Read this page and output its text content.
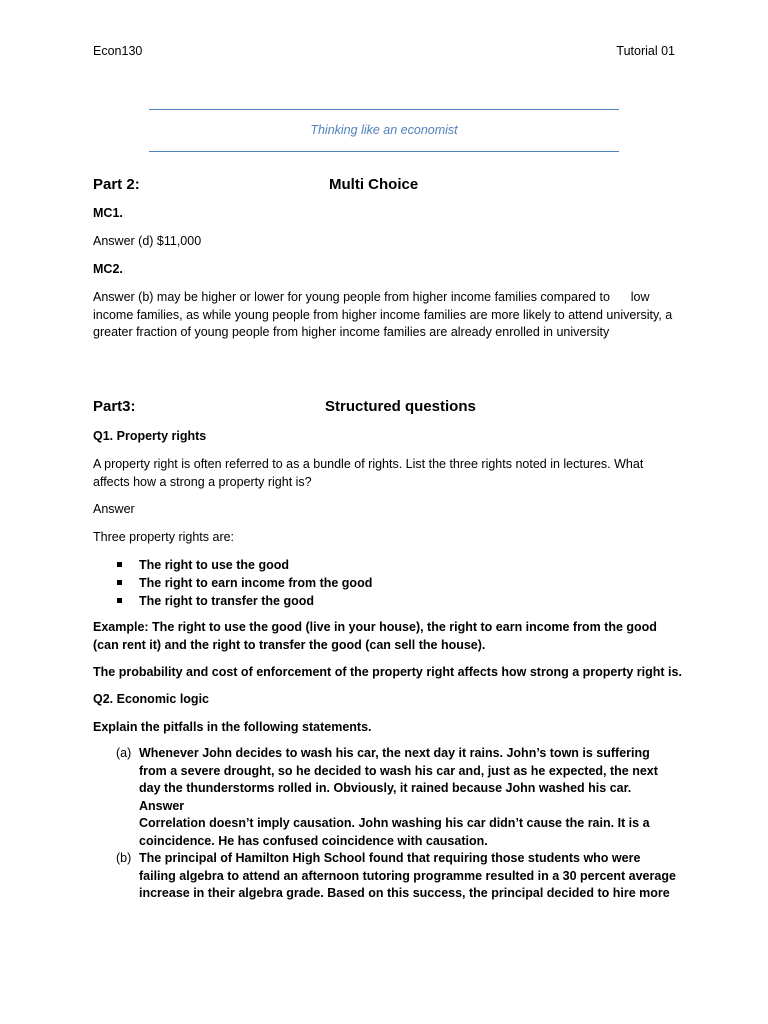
Econ130	Tutorial 01
Thinking like an economist
Part 2:	Multi Choice
MC1.
Answer (d) $11,000
MC2.
Answer (b) may be higher or lower for young people from higher income families compared to      low income families, as while young people from higher income families are more likely to attend university, a greater fraction of young people from higher income families are already enrolled in university
Part3:	Structured questions
Q1. Property rights
A property right is often referred to as a bundle of rights. List the three rights noted in lectures. What affects how a strong a property right is?
Answer
Three property rights are:
The right to use the good
The right to earn income from the good
The right to transfer the good
Example: The right to use the good (live in your house), the right to earn income from the good (can rent it) and the right to transfer the good (can sell the house).
The probability and cost of enforcement of the property right affects how strong a property right is.
Q2. Economic logic
Explain the pitfalls in the following statements.
(a) Whenever John decides to wash his car, the next day it rains. John’s town is suffering from a severe drought, so he decided to wash his car and, just as he expected, the next day the thunderstorms rolled in. Obviously, it rained because John washed his car.
Answer
Correlation doesn’t imply causation. John washing his car didn’t cause the rain. It is a coincidence. He has confused coincidence with causation.
(b) The principal of Hamilton High School found that requiring those students who were failing algebra to attend an afternoon tutoring programme resulted in a 30 percent average increase in their algebra grade. Based on this success, the principal decided to hire more
